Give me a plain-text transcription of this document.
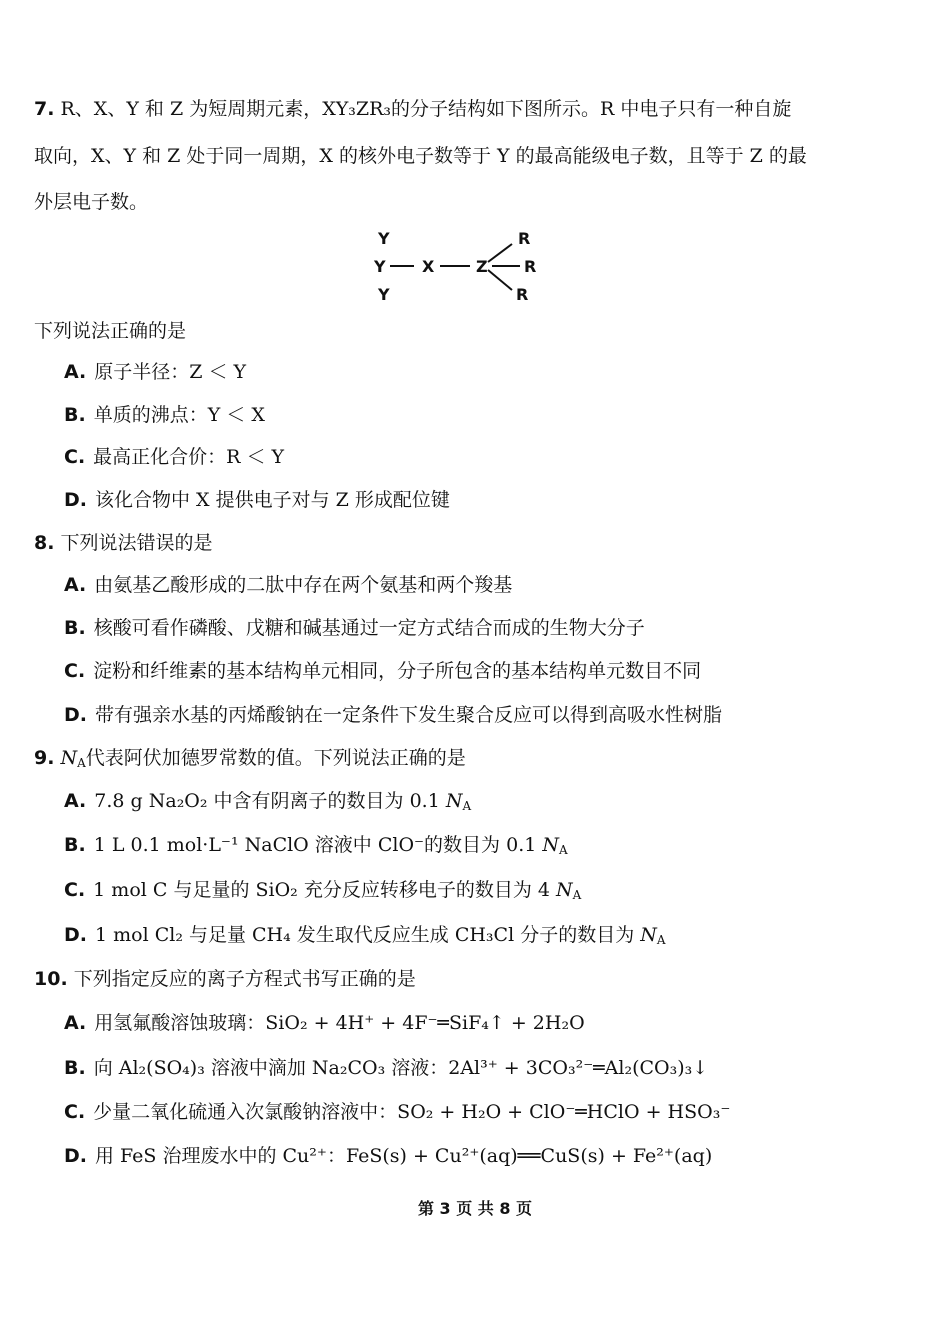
7. R、X、Y 和 Z 为短周期元素，XY₃ZR₃的分子结构如下图所示。R 中电子只有一种自旋
取向，X、Y 和 Z 处于同一周期，X 的核外电子数等于 Y 的最高能级电子数，且等于 Z 的最
外层电子数。
Y
Y
Y
X	Z
R
R
R
下列说法正确的是
A. 原子半径：Z ＜ Y
B. 单质的沸点：Y ＜ X
C. 最高正化合价：R ＜ Y
D. 该化合物中 X 提供电子对与 Z 形成配位键
8. 下列说法错误的是
A. 由氨基乙酸形成的二肽中存在两个氨基和两个羧基
B. 核酸可看作磷酸、戊糖和碱基通过一定方式结合而成的生物大分子
C. 淀粉和纤维素的基本结构单元相同，分子所包含的基本结构单元数目不同
D. 带有强亲水基的丙烯酸钠在一定条件下发生聚合反应可以得到高吸水性树脂
9. $N_A$代表阿伏加德罗常数的值。下列说法正确的是
A. 7.8 g Na₂O₂ 中含有阴离子的数目为 0.1 $N_A$
B. 1 L 0.1 mol·L⁻¹ NaClO 溶液中 ClO⁻的数目为 0.1 $N_A$
C. 1 mol C 与足量的 SiO₂ 充分反应转移电子的数目为 4 $N_A$
D. 1 mol Cl₂ 与足量 CH₄ 发生取代反应生成 CH₃Cl 分子的数目为 $N_A$
10. 下列指定反应的离子方程式书写正确的是
A. 用氢氟酸溶蚀玻璃：SiO₂ + 4H⁺ + 4F⁻═SiF₄↑ + 2H₂O
B. 向 Al₂(SO₄)₃ 溶液中滴加 Na₂CO₃ 溶液：2Al³⁺ + 3CO₃²⁻═Al₂(CO₃)₃↓
C. 少量二氧化硫通入次氯酸钠溶液中：SO₂ + H₂O + ClO⁻═HClO + HSO₃⁻
D. 用 FeS 治理废水中的 Cu²⁺：FeS(s) + Cu²⁺(aq)══CuS(s) + Fe²⁺(aq)
第 3 页 共 8 页
